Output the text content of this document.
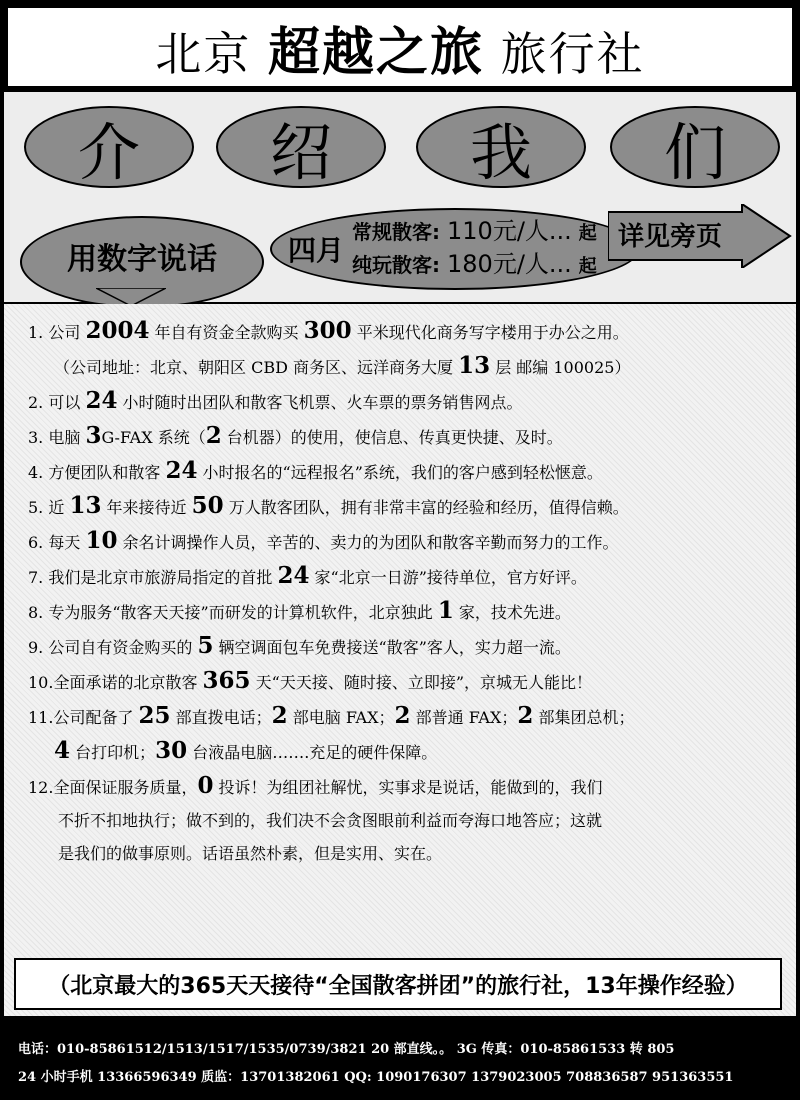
北京 超越之旅 旅行社
介	绍	我	们
用数字说话	四月
常规散客: 110元/人... 起
纯玩散客: 180元/人... 起
详见旁页
1. 公司 2004 年自有资金全款购买 300 平米现代化商务写字楼用于办公之用。
（公司地址：北京、朝阳区 CBD 商务区、远洋商务大厦 13 层 邮编 100025）
2. 可以 24 小时随时出团队和散客飞机票、火车票的票务销售网点。
3. 电脑 3G-FAX 系统（2 台机器）的使用，使信息、传真更快捷、及时。
4. 方便团队和散客 24 小时报名的“远程报名”系统，我们的客户感到轻松惬意。
5. 近 13 年来接待近 50 万人散客团队，拥有非常丰富的经验和经历，值得信赖。
6. 每天 10 余名计调操作人员，辛苦的、卖力的为团队和散客辛勤而努力的工作。
7. 我们是北京市旅游局指定的首批 24 家“北京一日游”接待单位，官方好评。
8. 专为服务“散客天天接”而研发的计算机软件，北京独此 1 家，技术先进。
9. 公司自有资金购买的 5 辆空调面包车免费接送“散客”客人，实力超一流。
10.全面承诺的北京散客 365 天“天天接、随时接、立即接”，京城无人能比！
11.公司配备了 25 部直拨电话；2 部电脑 FAX；2 部普通 FAX；2 部集团总机；
4 台打印机；30 台液晶电脑…….充足的硬件保障。
12.全面保证服务质量，0 投诉！为组团社解忧，实事求是说话，能做到的，我们
不折不扣地执行；做不到的，我们决不会贪图眼前利益而夸海口地答应；这就
是我们的做事原则。话语虽然朴素，但是实用、实在。
（北京最大的365天天接待“全国散客拼团”的旅行社，13年操作经验）
电话：010-85861512/1513/1517/1535/0739/3821 20 部直线。。 3G 传真：010-85861533 转 805
24 小时手机 13366596349 质监：13701382061 QQ: 1090176307 1379023005 708836587 951363551
